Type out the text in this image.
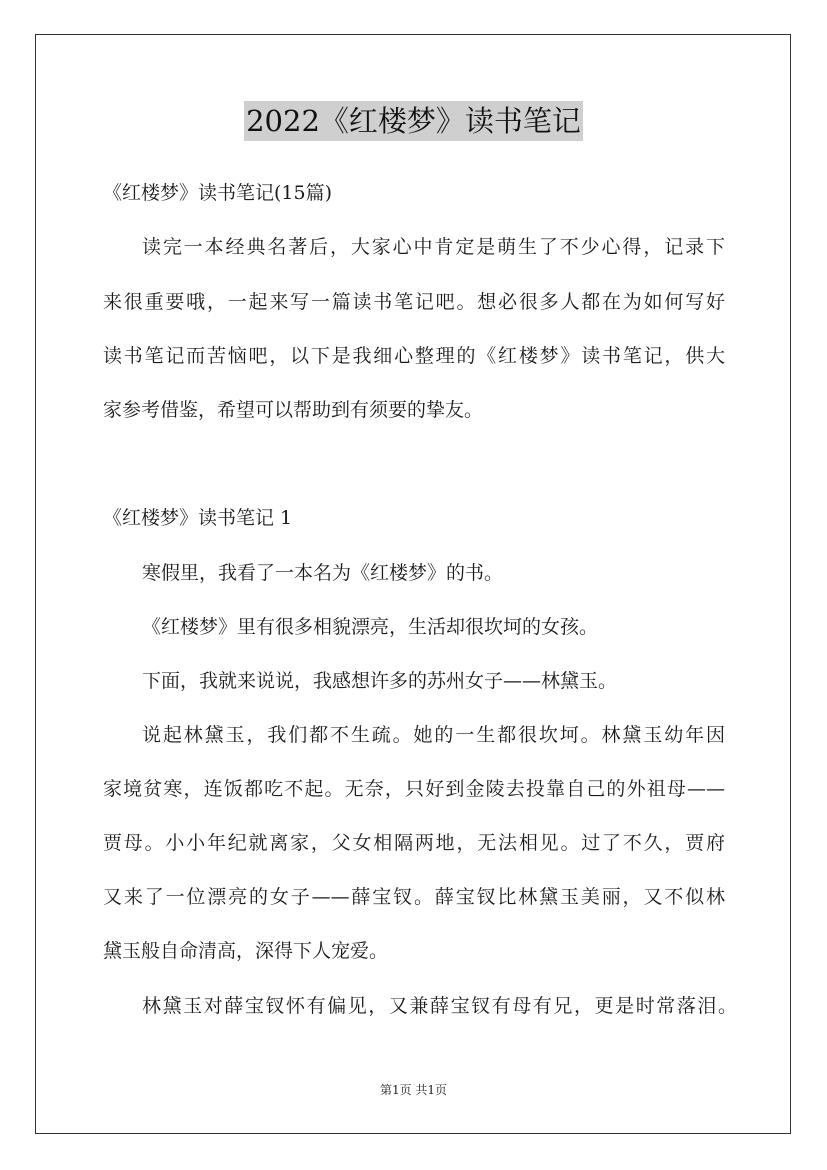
2022《红楼梦》读书笔记
《红楼梦》读书笔记(15篇)
读完一本经典名著后，大家心中肯定是萌生了不少心得，记录下
来很重要哦，一起来写一篇读书笔记吧。想必很多人都在为如何写好
读书笔记而苦恼吧，以下是我细心整理的《红楼梦》读书笔记，供大
家参考借鉴，希望可以帮助到有须要的挚友。
《红楼梦》读书笔记 1
寒假里，我看了一本名为《红楼梦》的书。
《红楼梦》里有很多相貌漂亮，生活却很坎坷的女孩。
下面，我就来说说，我感想许多的苏州女子——林黛玉。
说起林黛玉，我们都不生疏。她的一生都很坎坷。林黛玉幼年因
家境贫寒，连饭都吃不起。无奈，只好到金陵去投靠自己的外祖母——
贾母。小小年纪就离家，父女相隔两地，无法相见。过了不久，贾府
又来了一位漂亮的女子——薛宝钗。薛宝钗比林黛玉美丽，又不似林
黛玉般自命清高，深得下人宠爱。
林黛玉对薛宝钗怀有偏见，又兼薛宝钗有母有兄，更是时常落泪。
第1页 共1页
